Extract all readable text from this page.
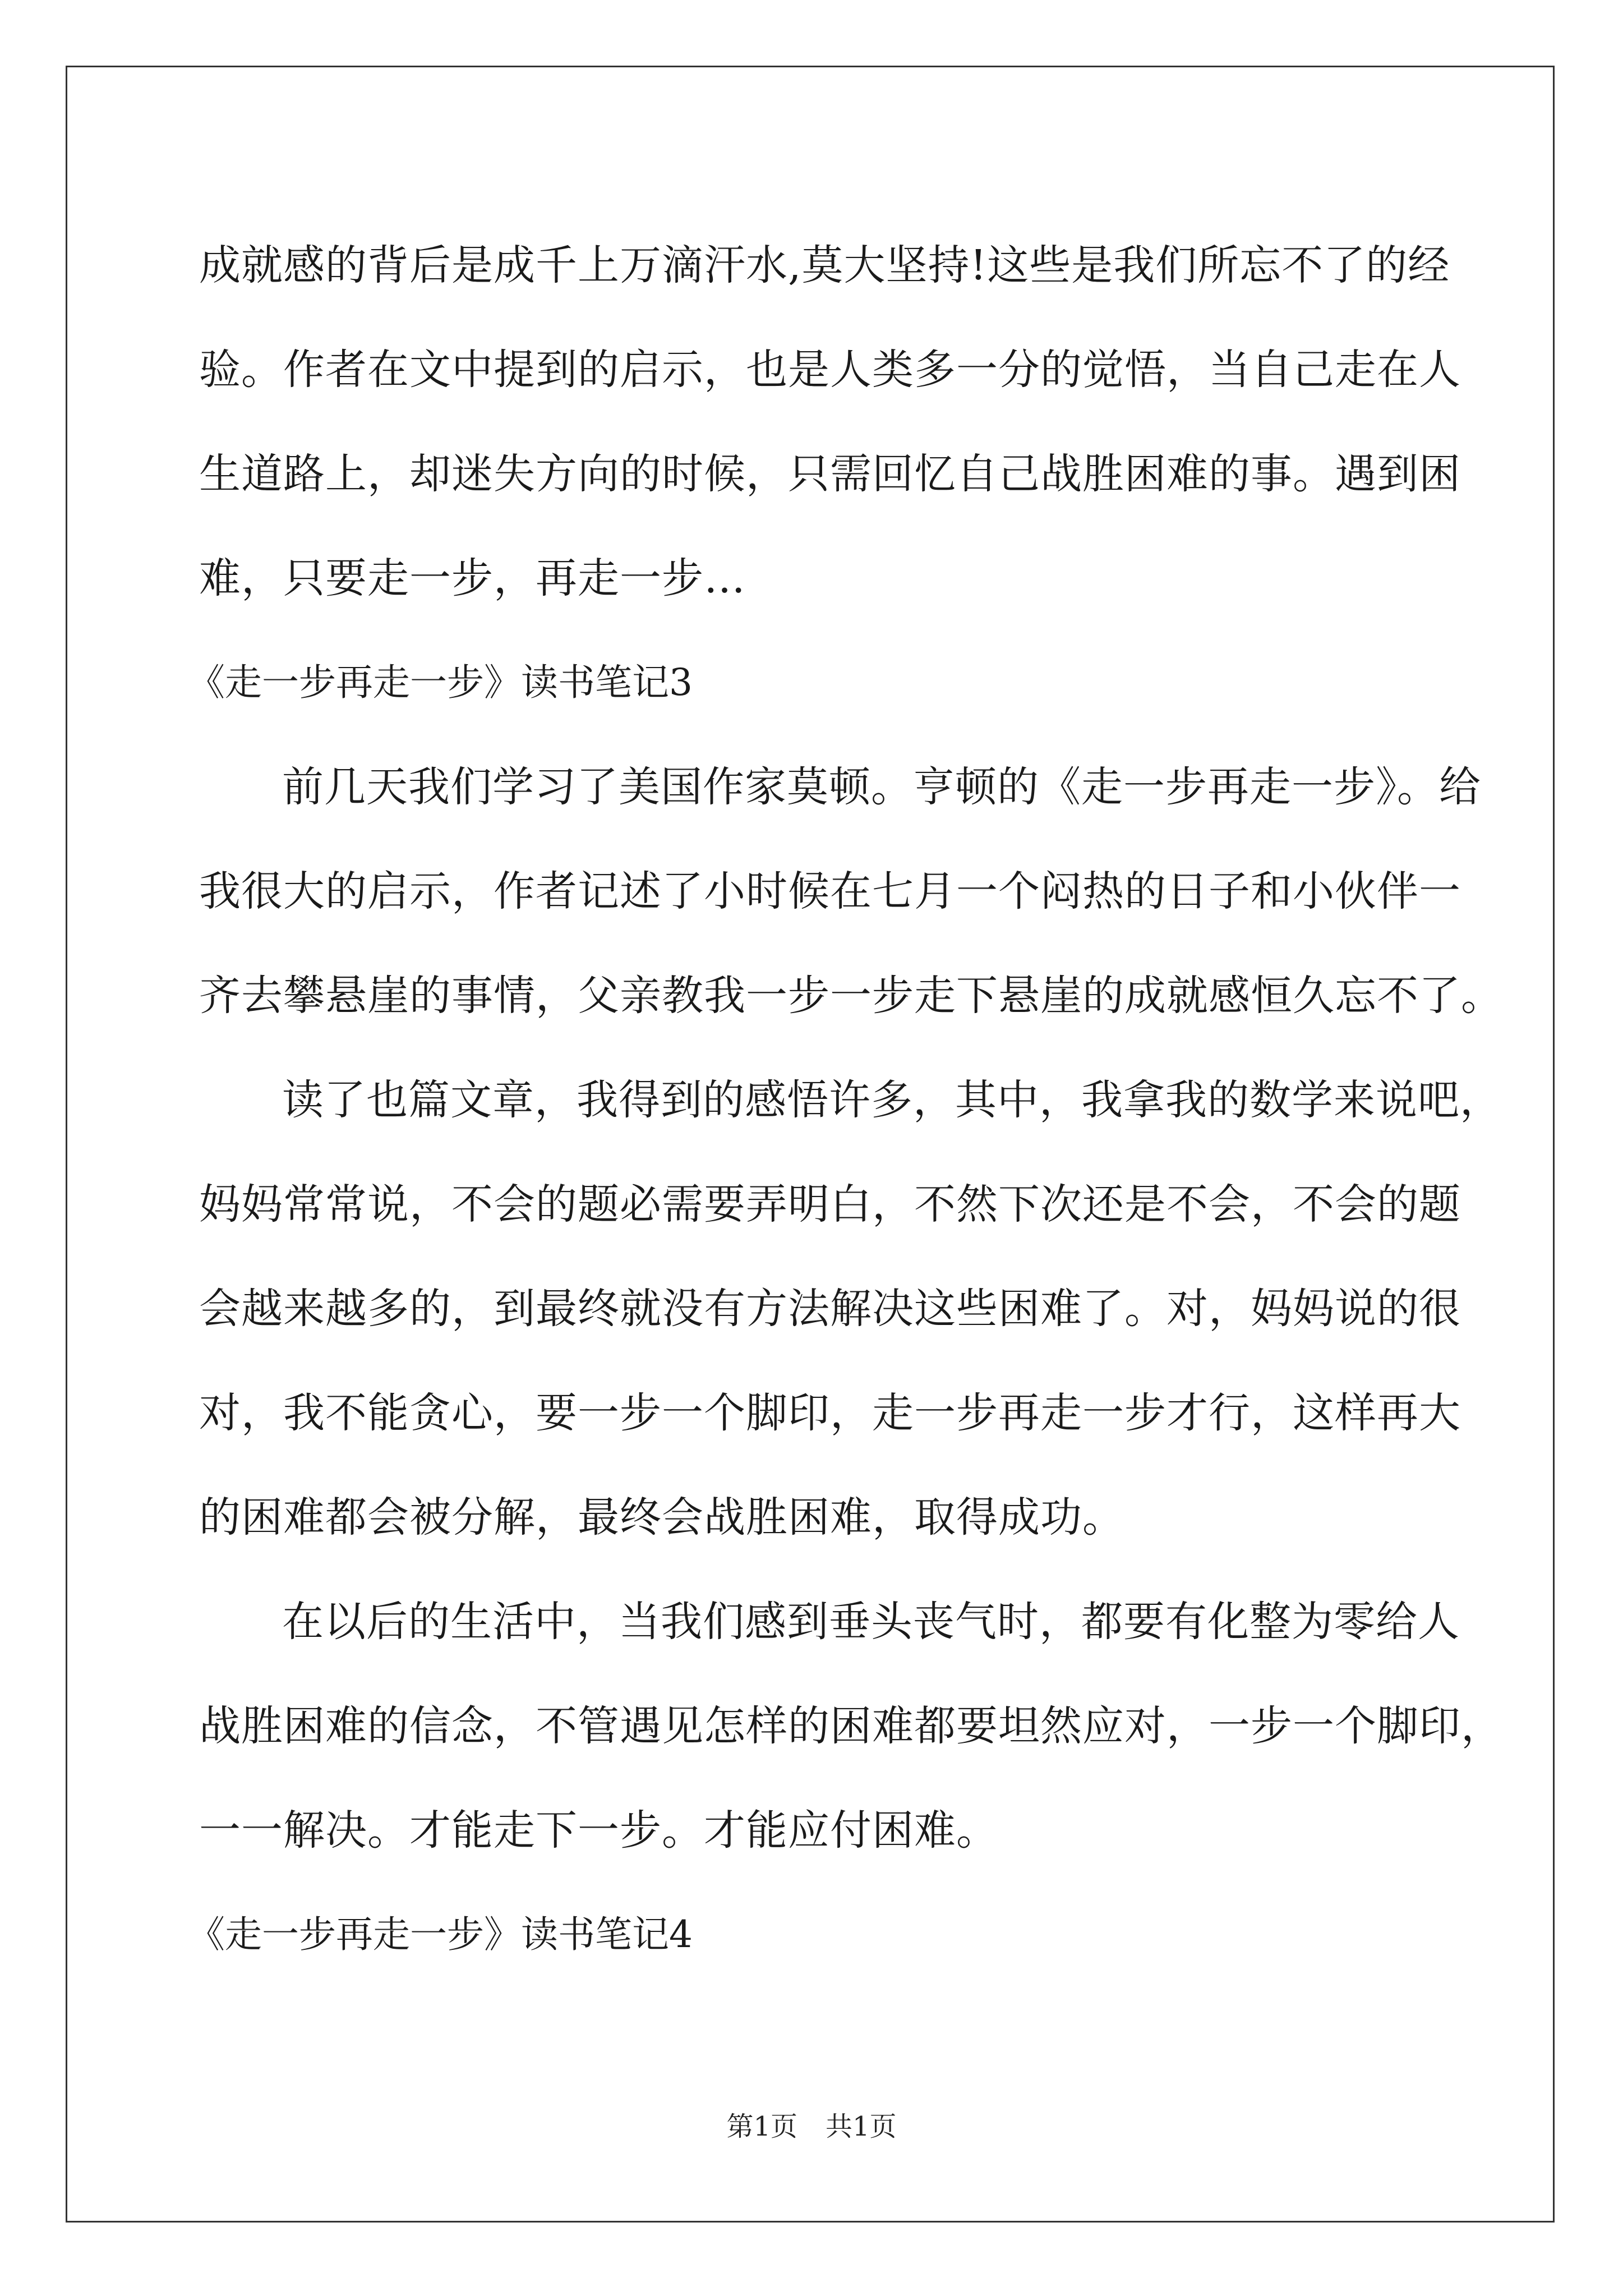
成就感的背后是成千上万滴汗水,莫大坚持!这些是我们所忘不了的经
验。作者在文中提到的启示，也是人类多一分的觉悟，当自己走在人
生道路上，却迷失方向的时候，只需回忆自己战胜困难的事。遇到困
难，只要走一步，再走一步…
《走一步再走一步》读书笔记3
前几天我们学习了美国作家莫顿。亨顿的《走一步再走一步》。给
我很大的启示，作者记述了小时候在七月一个闷热的日子和小伙伴一
齐去攀悬崖的事情，父亲教我一步一步走下悬崖的成就感恒久忘不了。
读了也篇文章，我得到的感悟许多，其中，我拿我的数学来说吧，
妈妈常常说，不会的题必需要弄明白，不然下次还是不会，不会的题
会越来越多的，到最终就没有方法解决这些困难了。对，妈妈说的很
对，我不能贪心，要一步一个脚印，走一步再走一步才行，这样再大
的困难都会被分解，最终会战胜困难，取得成功。
在以后的生活中，当我们感到垂头丧气时，都要有化整为零给人
战胜困难的信念，不管遇见怎样的困难都要坦然应对，一步一个脚印，
一一解决。才能走下一步。才能应付困难。
《走一步再走一步》读书笔记4
第1页 共1页
